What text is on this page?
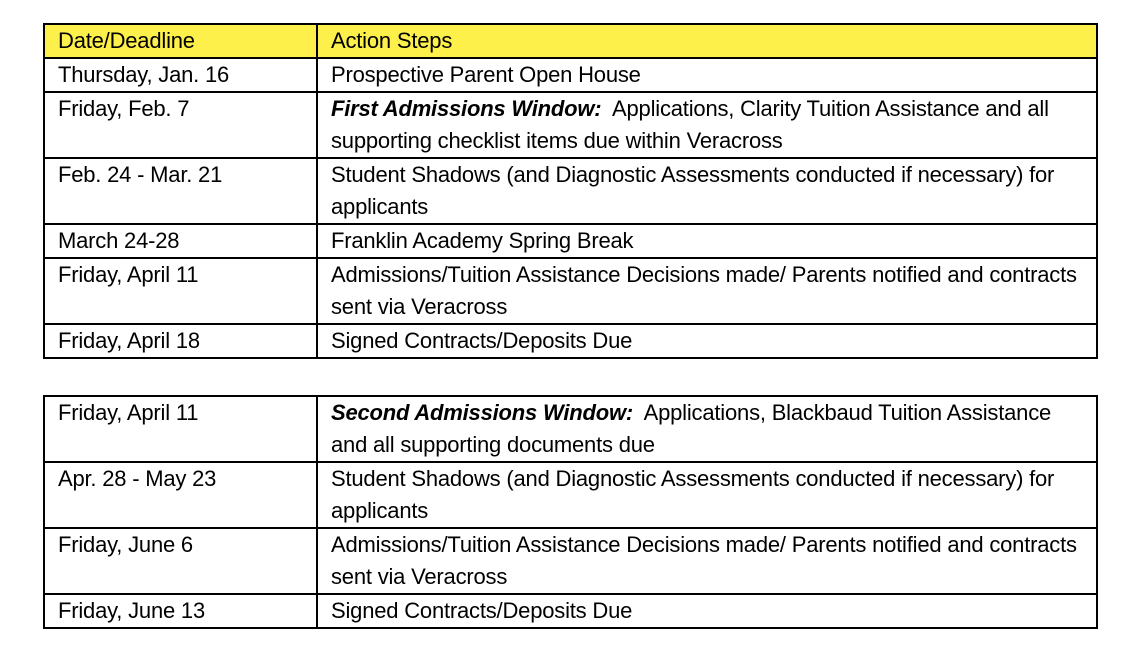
Date/Deadline	Action Steps
Thursday, Jan. 16	Prospective Parent Open House
Friday, Feb. 7	First Admissions Window: Applications, Clarity Tuition Assistance and all supporting checklist items due within Veracross
Feb. 24 - Mar. 21	Student Shadows (and Diagnostic Assessments conducted if necessary) for applicants
March 24-28	Franklin Academy Spring Break
Friday, April 11	Admissions/Tuition Assistance Decisions made/ Parents notified and contracts sent via Veracross
Friday, April 18	Signed Contracts/Deposits Due
Friday, April 11	Second Admissions Window: Applications, Blackbaud Tuition Assistance and all supporting documents due
Apr. 28 - May 23	Student Shadows (and Diagnostic Assessments conducted if necessary) for applicants
Friday, June 6	Admissions/Tuition Assistance Decisions made/ Parents notified and contracts sent via Veracross
Friday, June 13	Signed Contracts/Deposits Due
